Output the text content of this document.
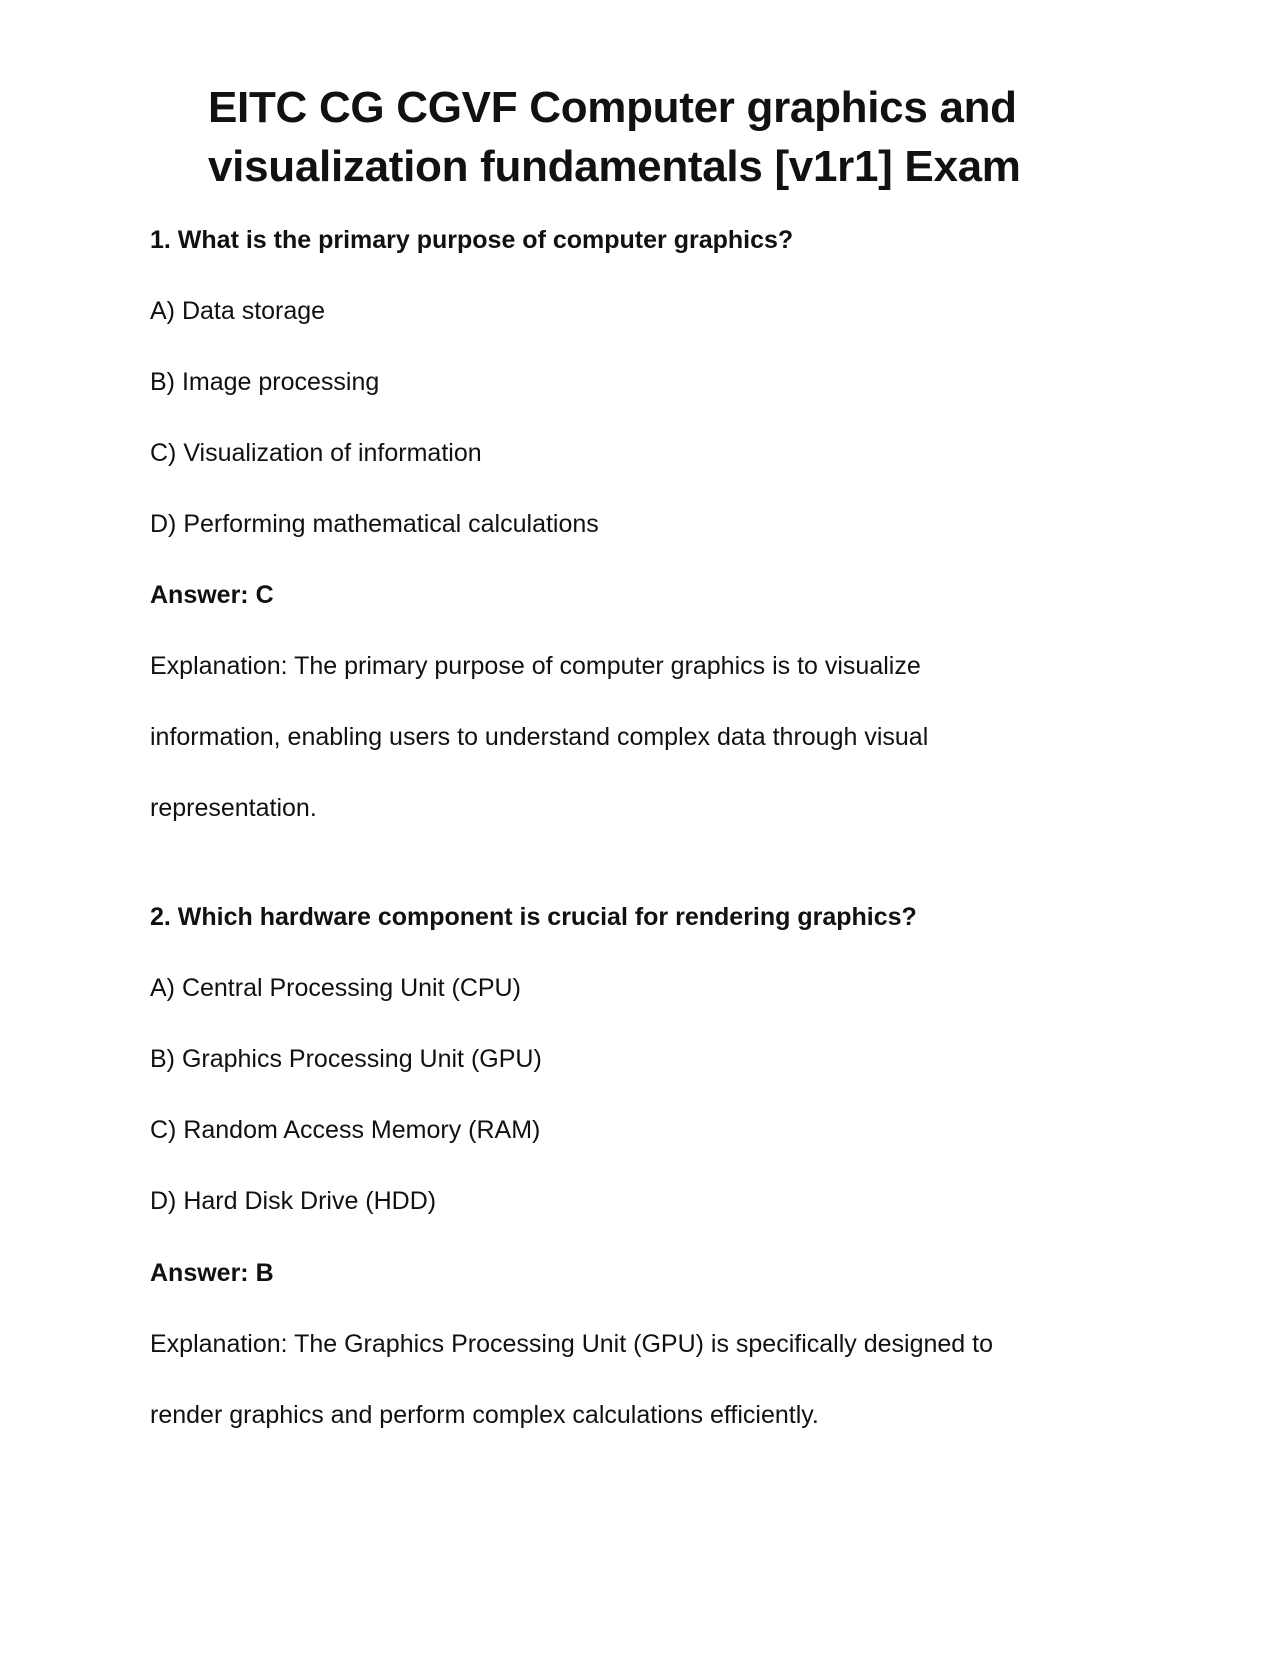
EITC CG CGVF Computer graphics and
visualization fundamentals [v1r1] Exam

1. What is the primary purpose of computer graphics?

A) Data storage

B) Image processing

C) Visualization of information

D) Performing mathematical calculations

Answer: C

Explanation: The primary purpose of computer graphics is to visualize

information, enabling users to understand complex data through visual

representation.

2. Which hardware component is crucial for rendering graphics?

A) Central Processing Unit (CPU)

B) Graphics Processing Unit (GPU)

C) Random Access Memory (RAM)

D) Hard Disk Drive (HDD)

Answer: B

Explanation: The Graphics Processing Unit (GPU) is specifically designed to

render graphics and perform complex calculations efficiently.
